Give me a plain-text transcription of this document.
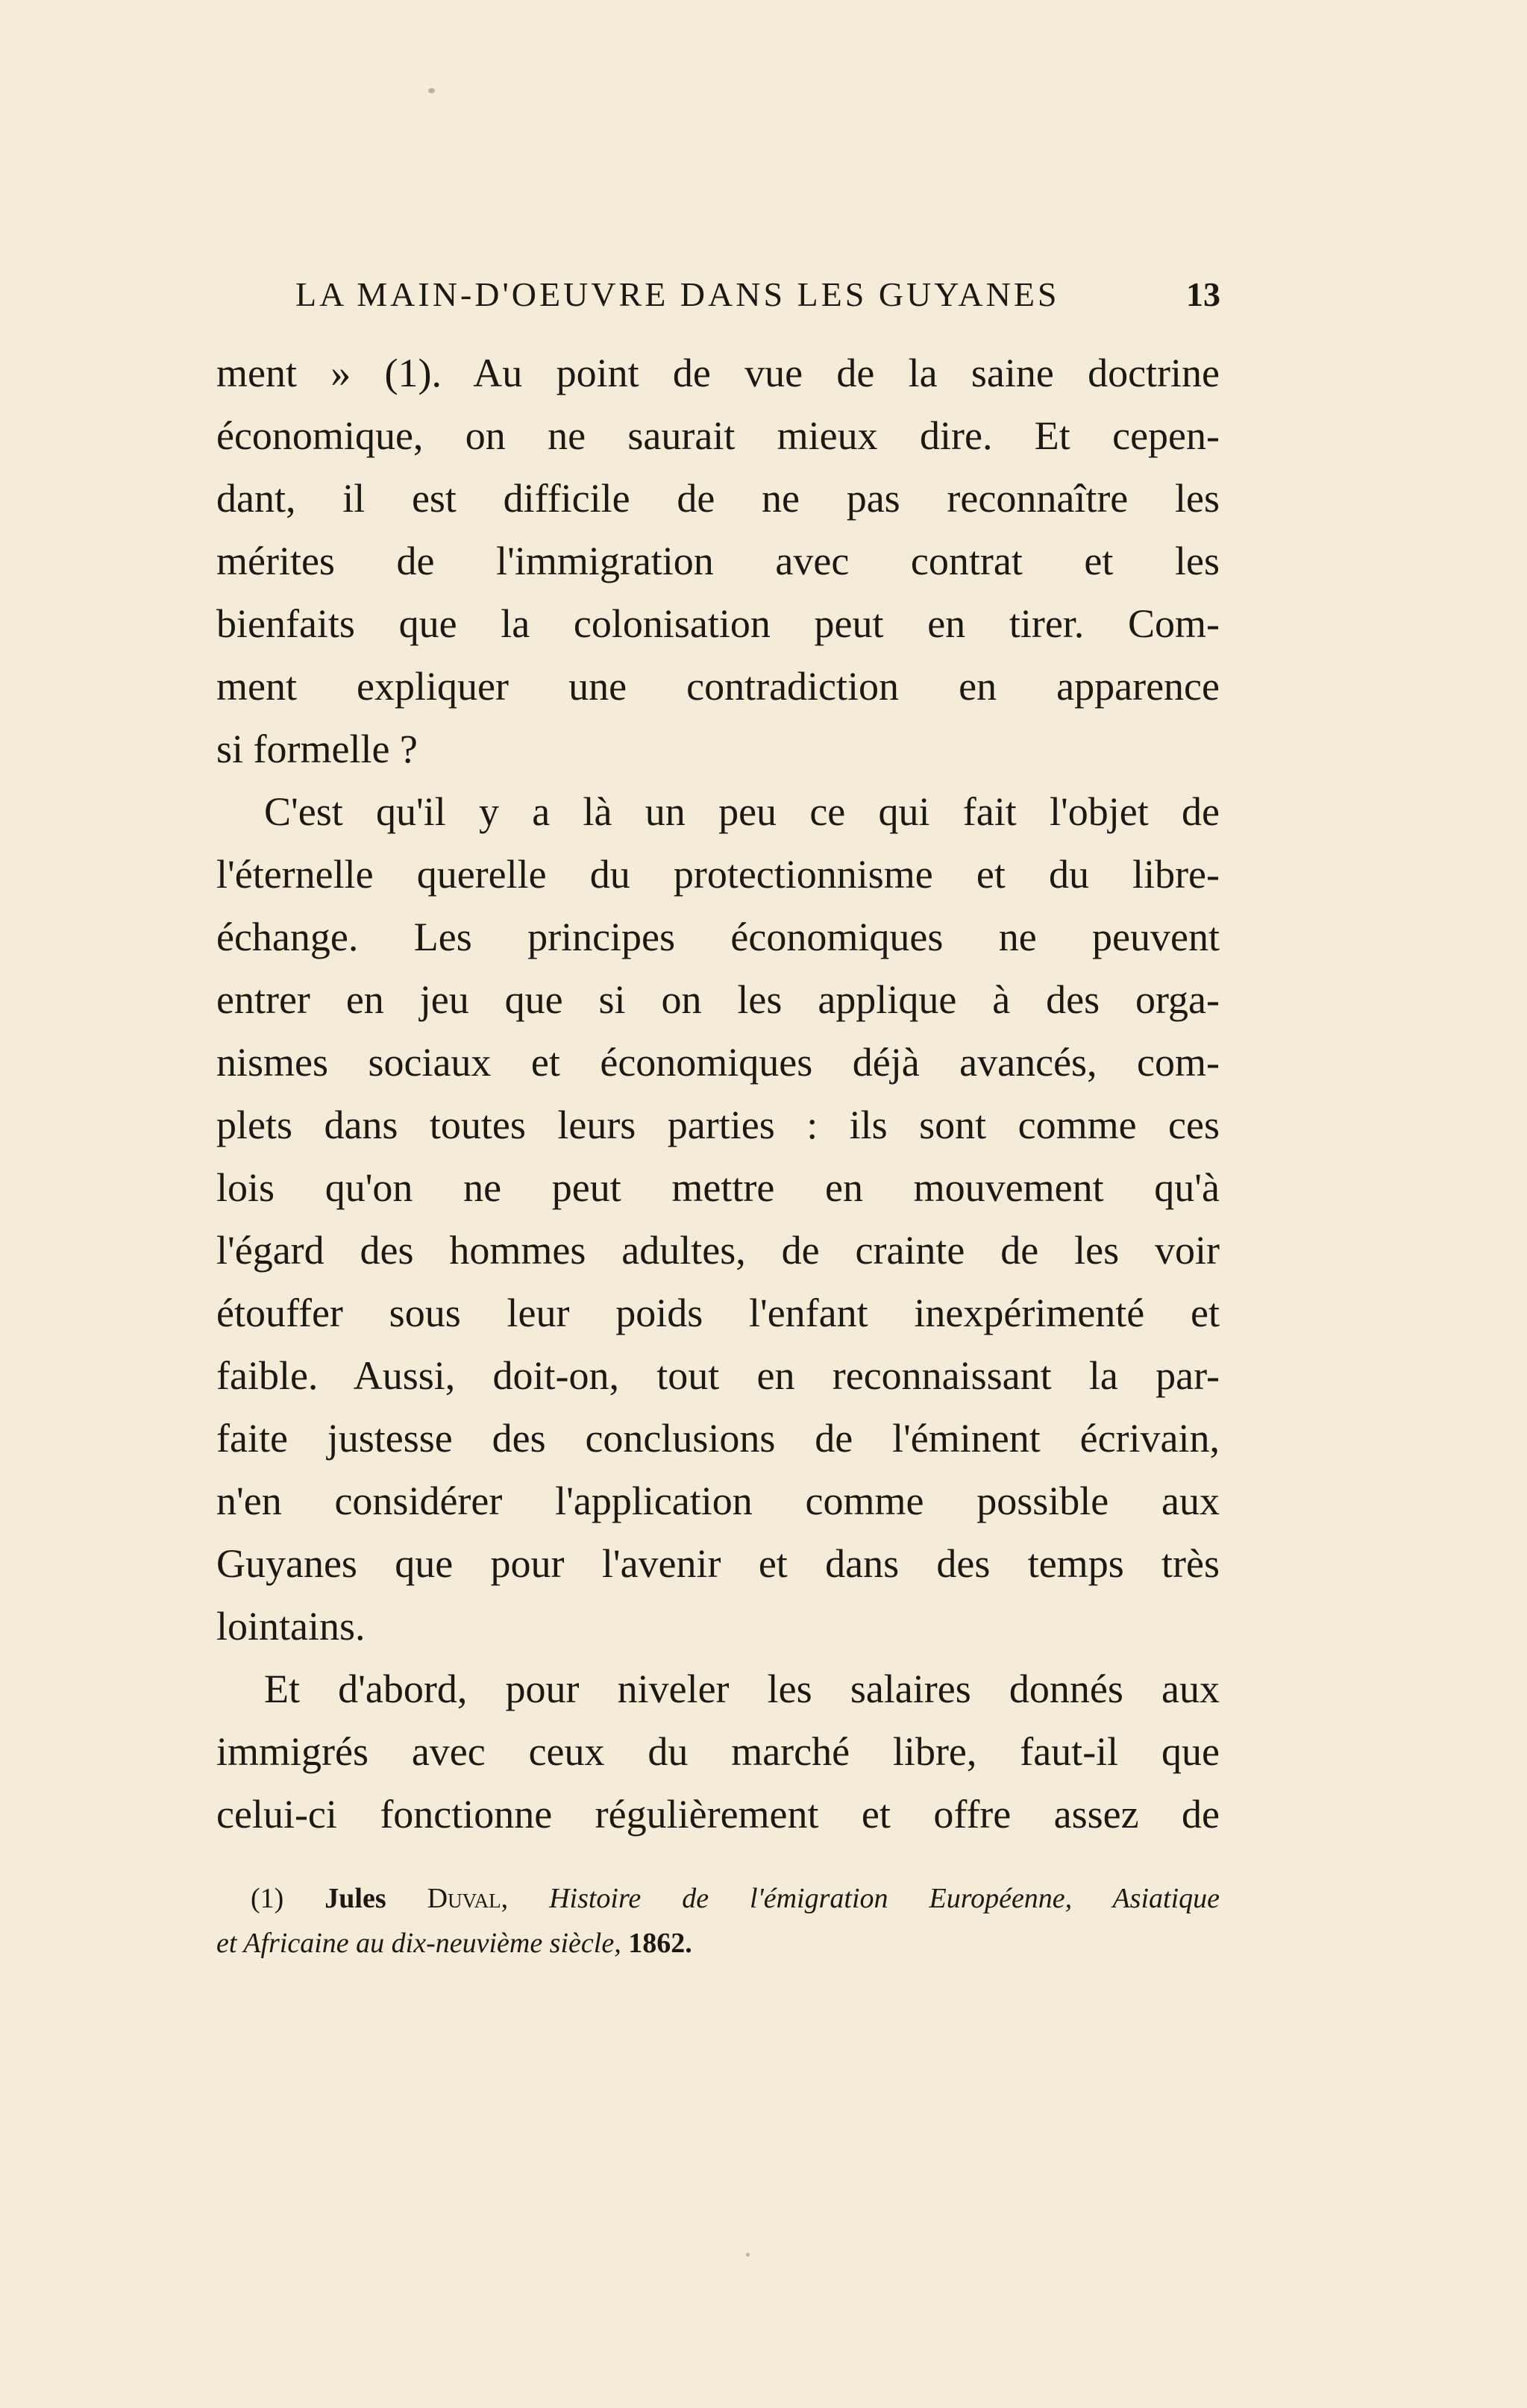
LA MAIN-D'OEUVRE DANS LES GUYANES	13
ment » (1). Au point de vue de la saine doctrine
économique, on ne saurait mieux dire. Et cepen-
dant, il est difficile de ne pas reconnaître les
mérites de l'immigration avec contrat et les
bienfaits que la colonisation peut en tirer. Com-
ment expliquer une contradiction en apparence
si formelle ?
C'est qu'il y a là un peu ce qui fait l'objet de
l'éternelle querelle du protectionnisme et du libre-
échange. Les principes économiques ne peuvent
entrer en jeu que si on les applique à des orga-
nismes sociaux et économiques déjà avancés, com-
plets dans toutes leurs parties : ils sont comme ces
lois qu'on ne peut mettre en mouvement qu'à
l'égard des hommes adultes, de crainte de les voir
étouffer sous leur poids l'enfant inexpérimenté et
faible. Aussi, doit-on, tout en reconnaissant la par-
faite justesse des conclusions de l'éminent écrivain,
n'en considérer l'application comme possible aux
Guyanes que pour l'avenir et dans des temps très
lointains.
Et d'abord, pour niveler les salaires donnés aux
immigrés avec ceux du marché libre, faut-il que
celui-ci fonctionne régulièrement et offre assez de
(1) Jules Duval, Histoire de l'émigration Européenne, Asiatique
et Africaine au dix-neuvième siècle, 1862.
